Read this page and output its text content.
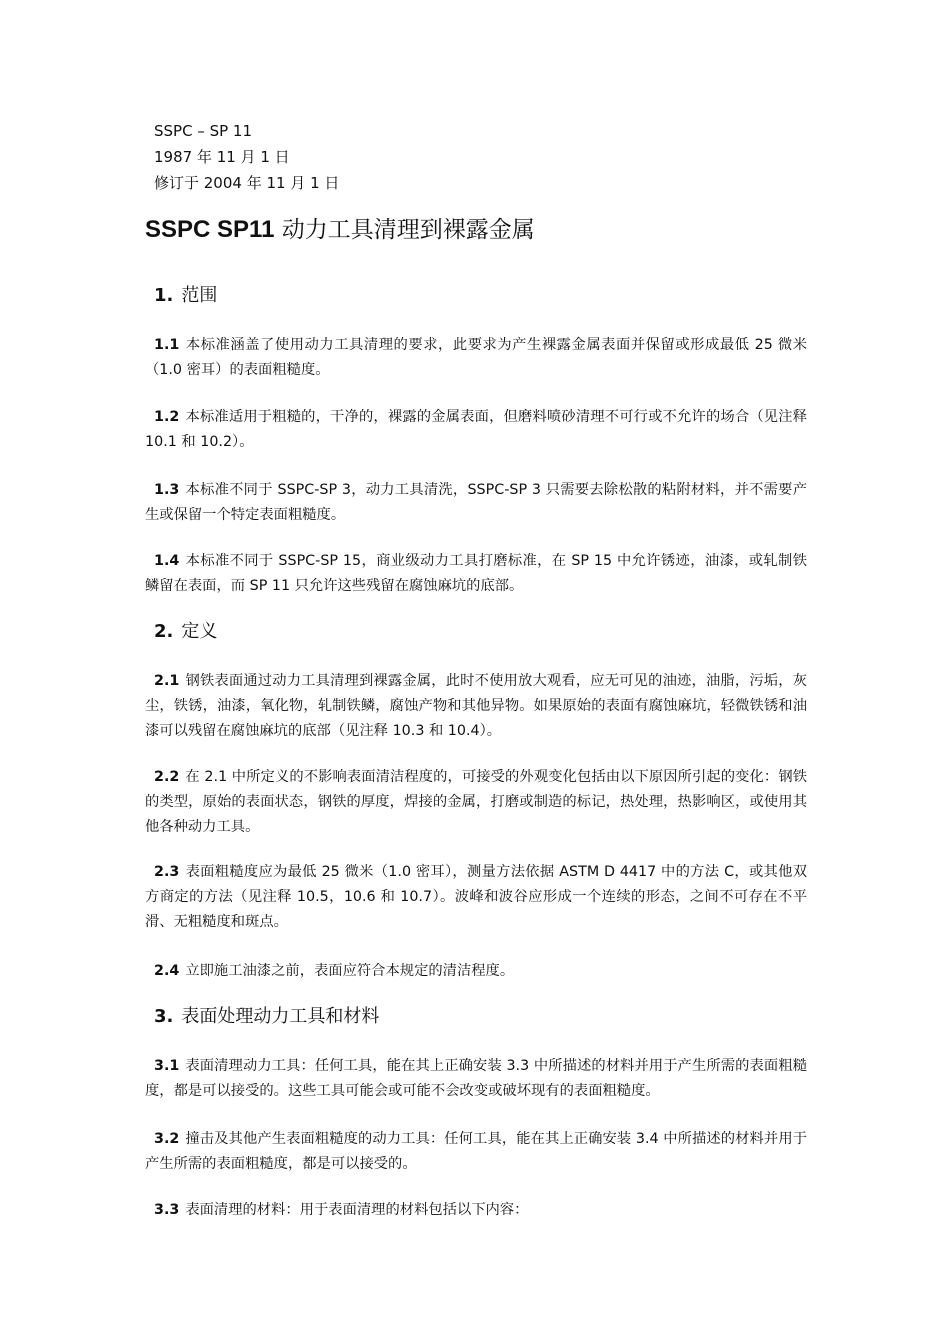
SSPC – SP 11
1987 年 11 月 1 日
修订于 2004 年 11 月 1 日
SSPC SP11 动力工具清理到裸露金属
1. 范围

1.1 本标准涵盖了使用动力工具清理的要求，此要求为产生裸露金属表面并保留或形成最低 25 微米（1.0 密耳）的表面粗糙度。

1.2 本标准适用于粗糙的，干净的，裸露的金属表面，但磨料喷砂清理不可行或不允许的场合（见注释 10.1 和 10.2）。

1.3 本标准不同于 SSPC-SP 3，动力工具清洗，SSPC-SP 3 只需要去除松散的粘附材料，并不需要产生或保留一个特定表面粗糙度。

1.4 本标准不同于 SSPC-SP 15，商业级动力工具打磨标准，在 SP 15 中允许锈迹，油漆，或轧制铁鳞留在表面，而 SP 11 只允许这些残留在腐蚀麻坑的底部。

2. 定义

2.1 钢铁表面通过动力工具清理到裸露金属，此时不使用放大观看，应无可见的油迹，油脂，污垢，灰尘，铁锈，油漆，氧化物，轧制铁鳞，腐蚀产物和其他异物。如果原始的表面有腐蚀麻坑，轻微铁锈和油漆可以残留在腐蚀麻坑的底部（见注释 10.3 和 10.4）。

2.2 在 2.1 中所定义的不影响表面清洁程度的，可接受的外观变化包括由以下原因所引起的变化：钢铁的类型，原始的表面状态，钢铁的厚度，焊接的金属，打磨或制造的标记，热处理，热影响区，或使用其他各种动力工具。

2.3 表面粗糙度应为最低 25 微米（1.0 密耳），测量方法依据 ASTM D 4417 中的方法 C，或其他双方商定的方法（见注释 10.5，10.6 和 10.7）。波峰和波谷应形成一个连续的形态，之间不可存在不平滑、无粗糙度和斑点。

2.4 立即施工油漆之前，表面应符合本规定的清洁程度。

3. 表面处理动力工具和材料

3.1 表面清理动力工具：任何工具，能在其上正确安装 3.3 中所描述的材料并用于产生所需的表面粗糙度，都是可以接受的。这些工具可能会或可能不会改变或破坏现有的表面粗糙度。

3.2 撞击及其他产生表面粗糙度的动力工具：任何工具，能在其上正确安装 3.4 中所描述的材料并用于产生所需的表面粗糙度，都是可以接受的。

3.3 表面清理的材料：用于表面清理的材料包括以下内容：
